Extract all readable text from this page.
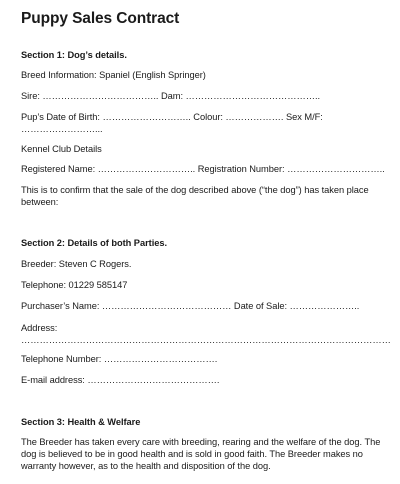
Puppy Sales Contract
Section 1: Dog’s details.
Breed Information: Spaniel (English Springer)
Sire: ……………………………….. Dam: ……………………………………..
Pup’s Date of Birth: ……………………….. Colour: ………………. Sex M/F:
……………………...
Kennel Club Details
Registered Name: ………………………….. Registration Number: …………………………..
This is to confirm that the sale of the dog described above (“the dog”) has taken place between:
Section 2: Details of both Parties.
Breeder: Steven C Rogers.
Telephone: 01229 585147
Purchaser’s Name: …………………………………… Date of Sale: …………………..
Address:
…………………………………………………………………………………………………………
Telephone Number: ……………………………….
E-mail address: …………………………………….
Section 3: Health & Welfare
The Breeder has taken every care with breeding, rearing and the welfare of the dog. The dog is believed to be in good health and is sold in good faith. The Breeder makes no warranty however, as to the health and disposition of the dog.
